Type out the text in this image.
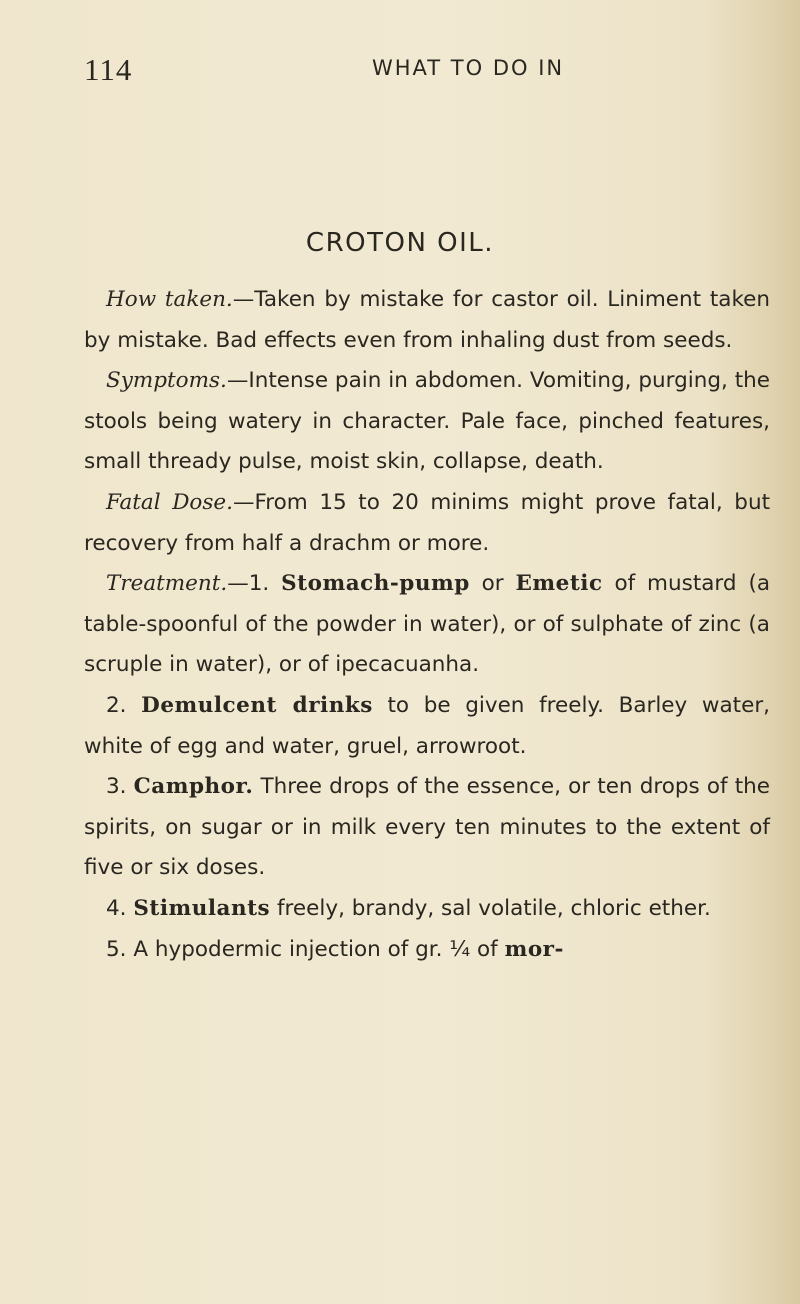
114	WHAT TO DO IN
CROTON OIL.

How taken.—Taken by mistake for castor oil. Liniment taken by mistake. Bad effects even from inhaling dust from seeds.

Symptoms.—Intense pain in abdomen. Vomiting, purging, the stools being watery in character. Pale face, pinched features, small thready pulse, moist skin, collapse, death.

Fatal Dose.—From 15 to 20 minims might prove fatal, but recovery from half a drachm or more.

Treatment.—1. Stomach-pump or Emetic of mustard (a table-spoonful of the powder in water), or of sulphate of zinc (a scruple in water), or of ipecacuanha.

2. Demulcent drinks to be given freely. Barley water, white of egg and water, gruel, arrowroot.

3. Camphor. Three drops of the essence, or ten drops of the spirits, on sugar or in milk every ten minutes to the extent of five or six doses.

4. Stimulants freely, brandy, sal volatile, chloric ether.

5. A hypodermic injection of gr. ¼ of mor-
